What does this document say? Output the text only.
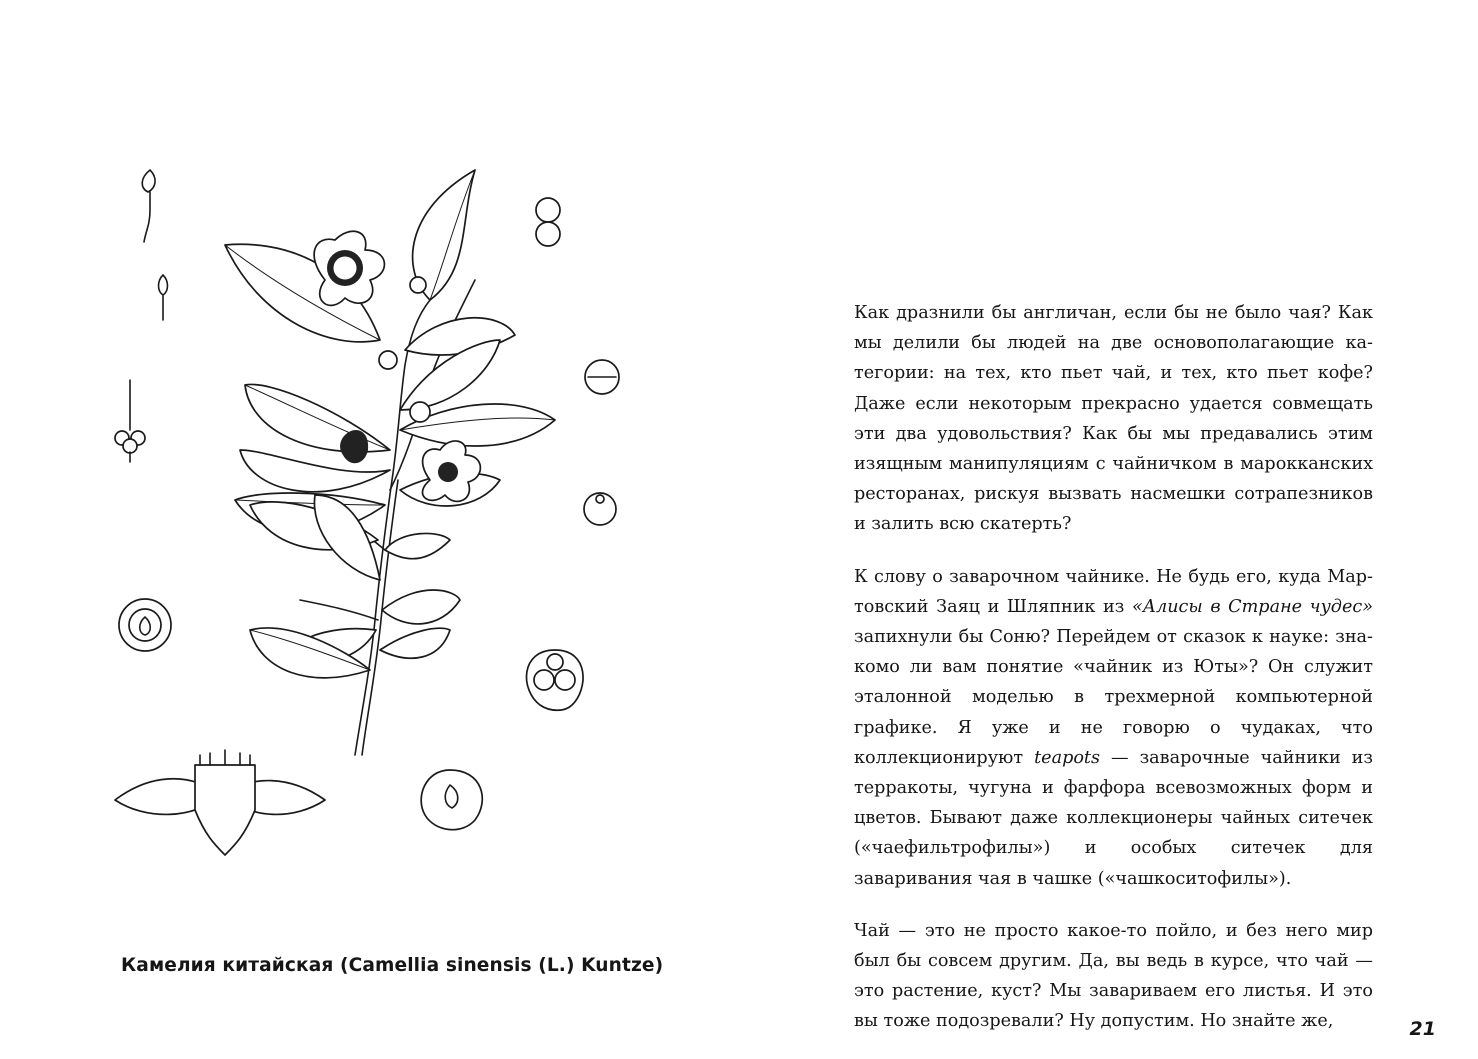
Камелия китайская (Camellia sinensis (L.) Kuntze)

Как дразнили бы англичан, если бы не было чая? Как мы делили бы людей на две основополагающие категории: на тех, кто пьет чай, и тех, кто пьет кофе? Даже если некоторым прекрасно удается совмещать эти два удовольствия? Как бы мы предавались этим изящным манипуляциям с чайничком в марокканских ресторанах, рискуя вызвать насмешки сотрапезников и залить всю скатерть?

К слову о заварочном чайнике. Не будь его, куда Мартовский Заяц и Шляпник из «Алисы в Стране чудес» запихнули бы Соню? Перейдем от сказок к науке: знакомо ли вам понятие «чайник из Юты»? Он служит эталонной моделью в трехмерной компьютерной графике. Я уже и не говорю о чудаках, что коллекционируют teapots — заварочные чайники из терракоты, чугуна и фарфора всевозможных форм и цветов. Бывают даже коллекционеры чайных ситечек («чаефильтрофилы») и особых ситечек для заваривания чая в чашке («чашкоситофилы»).

Чай — это не просто какое-то пойло, и без него мир был бы совсем другим. Да, вы ведь в курсе, что чай — это растение, куст? Мы завариваем его листья. И это вы тоже подозревали? Ну допустим. Но знайте же,	21
